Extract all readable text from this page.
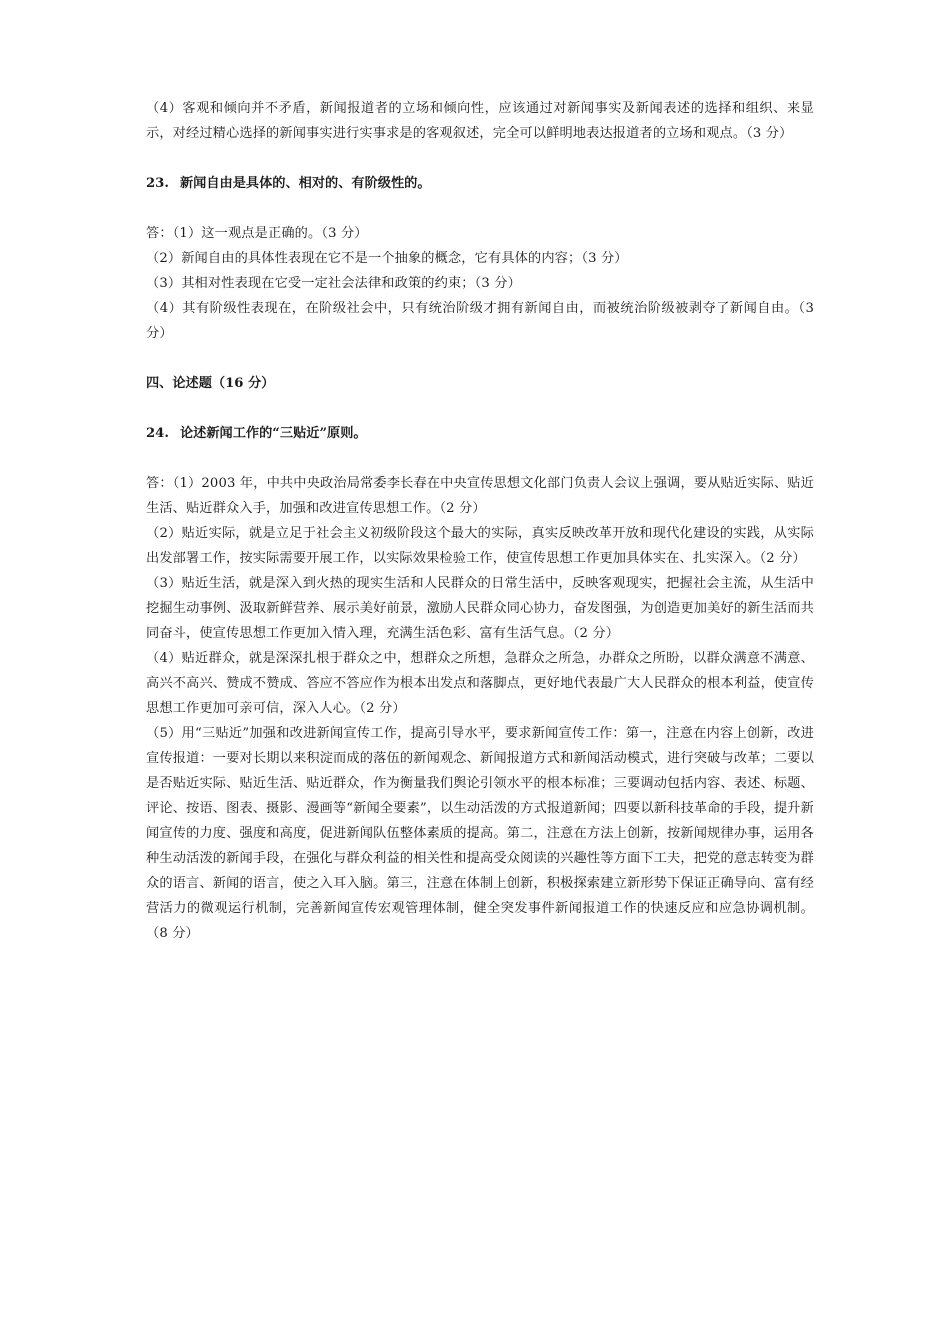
（4）客观和倾向并不矛盾，新闻报道者的立场和倾向性，应该通过对新闻事实及新闻表述的选择和组织、来显示，对经过精心选择的新闻事实进行实事求是的客观叙述，完全可以鲜明地表达报道者的立场和观点。（3 分）

23. 新闻自由是具体的、相对的、有阶级性的。

答：（1）这一观点是正确的。（3 分）

（2）新闻自由的具体性表现在它不是一个抽象的概念，它有具体的内容；（3 分）

（3）其相对性表现在它受一定社会法律和政策的约束；（3 分）

（4）其有阶级性表现在，在阶级社会中，只有统治阶级才拥有新闻自由，而被统治阶级被剥夺了新闻自由。（3 分）

四、论述题（16 分）

24. 论述新闻工作的“三贴近”原则。

答：（1）2003 年，中共中央政治局常委李长春在中央宣传思想文化部门负责人会议上强调，要从贴近实际、贴近生活、贴近群众入手，加强和改进宣传思想工作。（2 分）

（2）贴近实际，就是立足于社会主义初级阶段这个最大的实际，真实反映改革开放和现代化建设的实践，从实际出发部署工作，按实际需要开展工作，以实际效果检验工作，使宣传思想工作更加具体实在、扎实深入。（2 分）

（3）贴近生活，就是深入到火热的现实生活和人民群众的日常生活中，反映客观现实，把握社会主流，从生活中挖掘生动事例、汲取新鲜营养、展示美好前景，激励人民群众同心协力，奋发图强，为创造更加美好的新生活而共同奋斗，使宣传思想工作更加入情入理，充满生活色彩、富有生活气息。（2 分）

（4）贴近群众，就是深深扎根于群众之中，想群众之所想，急群众之所急，办群众之所盼，以群众满意不满意、高兴不高兴、赞成不赞成、答应不答应作为根本出发点和落脚点，更好地代表最广大人民群众的根本利益，使宣传思想工作更加可亲可信，深入人心。（2 分）

（5）用“三贴近”加强和改进新闻宣传工作，提高引导水平，要求新闻宣传工作：第一，注意在内容上创新，改进宣传报道：一要对长期以来积淀而成的落伍的新闻观念、新闻报道方式和新闻活动模式，进行突破与改革；二要以是否贴近实际、贴近生活、贴近群众，作为衡量我们舆论引领水平的根本标准；三要调动包括内容、表述、标题、评论、按语、图表、摄影、漫画等“新闻全要素”，以生动活泼的方式报道新闻；四要以新科技革命的手段，提升新闻宣传的力度、强度和高度，促进新闻队伍整体素质的提高。第二，注意在方法上创新，按新闻规律办事，运用各种生动活泼的新闻手段，在强化与群众利益的相关性和提高受众阅读的兴趣性等方面下工夫，把党的意志转变为群众的语言、新闻的语言，使之入耳入脑。第三，注意在体制上创新，积极探索建立新形势下保证正确导向、富有经营活力的微观运行机制，完善新闻宣传宏观管理体制，健全突发事件新闻报道工作的快速反应和应急协调机制。（8 分）
